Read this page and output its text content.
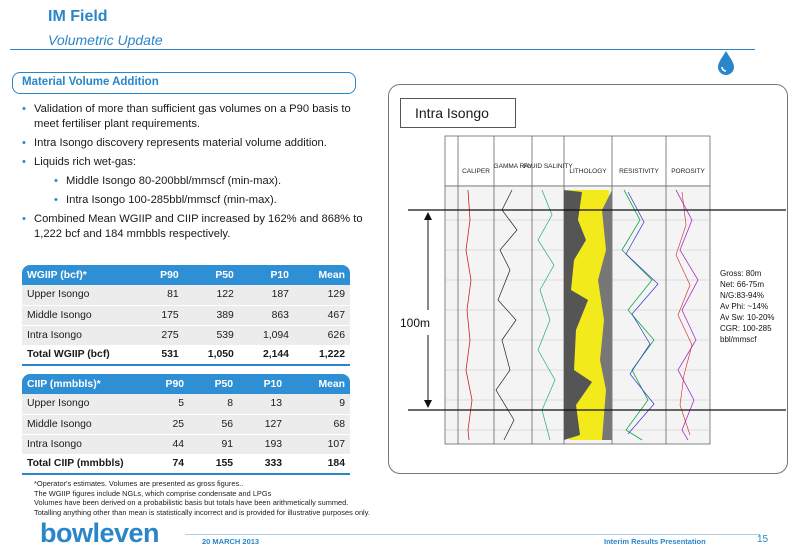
IM Field
Volumetric Update
Material Volume Addition
• Validation of more than sufficient gas volumes on a P90 basis to meet fertiliser plant requirements.
• Intra Isongo discovery represents material volume addition.
• Liquids rich wet-gas:
• Middle Isongo 80-200bbl/mmscf (min-max).
• Intra Isongo 100-285bbl/mmscf (min-max).
• Combined Mean WGIIP and CIIP increased by 162% and 868% to 1,222 bcf and 184 mmbbls respectively.
WGIIP (bcf)*	P90	P50	P10	Mean
Upper Isongo	81	122	187	129
Middle Isongo	175	389	863	467
Intra Isongo	275	539	1,094	626
Total WGIIP (bcf)	531	1,050	2,144	1,222
CIIP (mmbbls)*	P90	P50	P10	Mean
Upper Isongo	5	8	13	9
Middle Isongo	25	56	127	68
Intra Isongo	44	91	193	107
Total CIIP (mmbbls)	74	155	333	184
*Operator's estimates. Volumes are presented as gross figures..
The WGIIP figures include NGLs, which comprise condensate and LPGs
Volumes have been derived on a probabilistic basis but totals have been arithmetically summed.
Totalling anything other than mean is statistically incorrect and is provided for illustrative purposes only.
Intra Isongo
CALIPER
GAMMA RAY
FLUID SALINITY
LITHOLOGY RESISTIVITY POROSITY
100m
Gross: 80m
Net: 66-75m
N/G:83-94%
Av Phi: ~14%
Av Sw: 10-20%
CGR: 100-285
bbl/mmscf
bowleven	20 MARCH 2013	Interim Results Presentation	15
